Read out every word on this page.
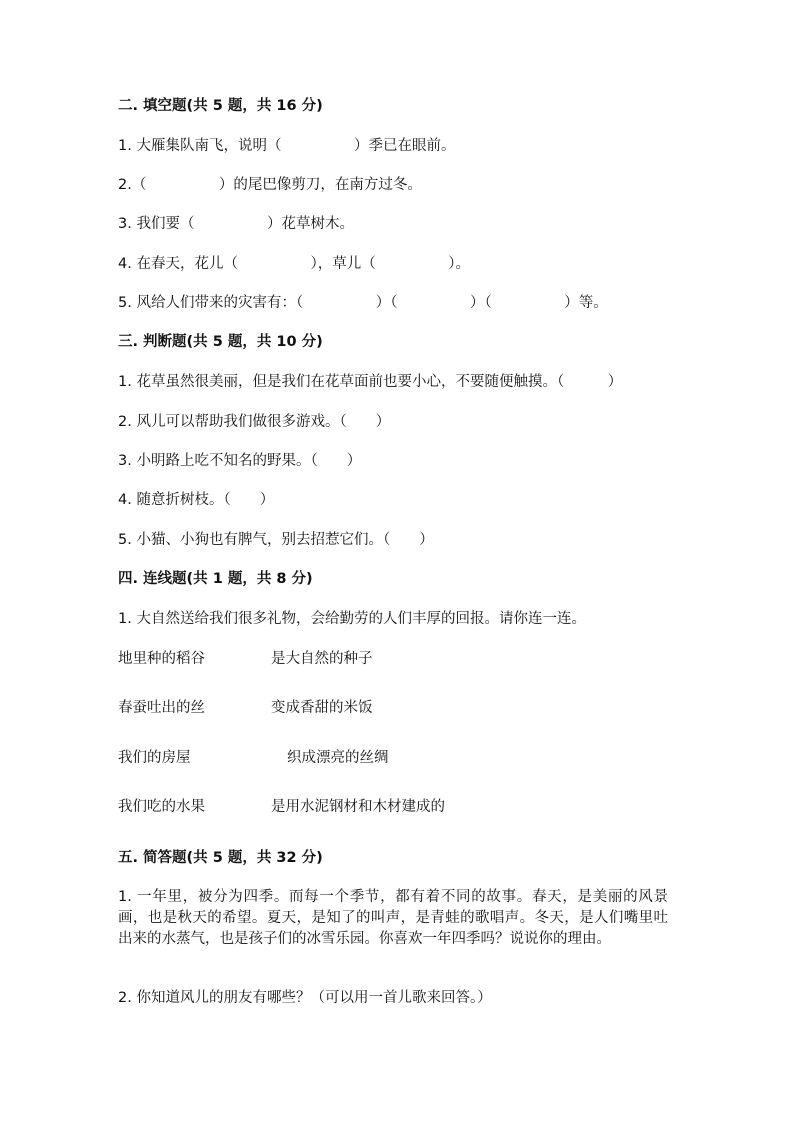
二. 填空题(共 5 题，共 16 分)
1. 大雁集队南飞，说明（　　　　　）季已在眼前。
2.（　　　　　）的尾巴像剪刀，在南方过冬。
3. 我们要（　　　　　）花草树木。
4. 在春天，花儿（　　　　　），草儿（　　　　　）。
5. 风给人们带来的灾害有：（　　　　　）（　　　　　）（　　　　　）等。
三. 判断题(共 5 题，共 10 分)
1. 花草虽然很美丽，但是我们在花草面前也要小心，不要随便触摸。（　　　）
2. 风儿可以帮助我们做很多游戏。（　　）
3. 小明路上吃不知名的野果。（　　）
4. 随意折树枝。（　　）
5. 小猫、小狗也有脾气，别去招惹它们。（　　）
四. 连线题(共 1 题，共 8 分)
1. 大自然送给我们很多礼物，会给勤劳的人们丰厚的回报。请你连一连。
地里种的稻谷	是大自然的种子
春蚕吐出的丝	变成香甜的米饭
我们的房屋	织成漂亮的丝绸
我们吃的水果	是用水泥钢材和木材建成的
五. 简答题(共 5 题，共 32 分)
1. 一年里，被分为四季。而每一个季节，都有着不同的故事。春天，是美丽的风景画，也是秋天的希望。夏天，是知了的叫声，是青蛙的歌唱声。冬天，是人们嘴里吐出来的水蒸气，也是孩子们的冰雪乐园。你喜欢一年四季吗？说说你的理由。
2. 你知道风儿的朋友有哪些？（可以用一首儿歌来回答。）
